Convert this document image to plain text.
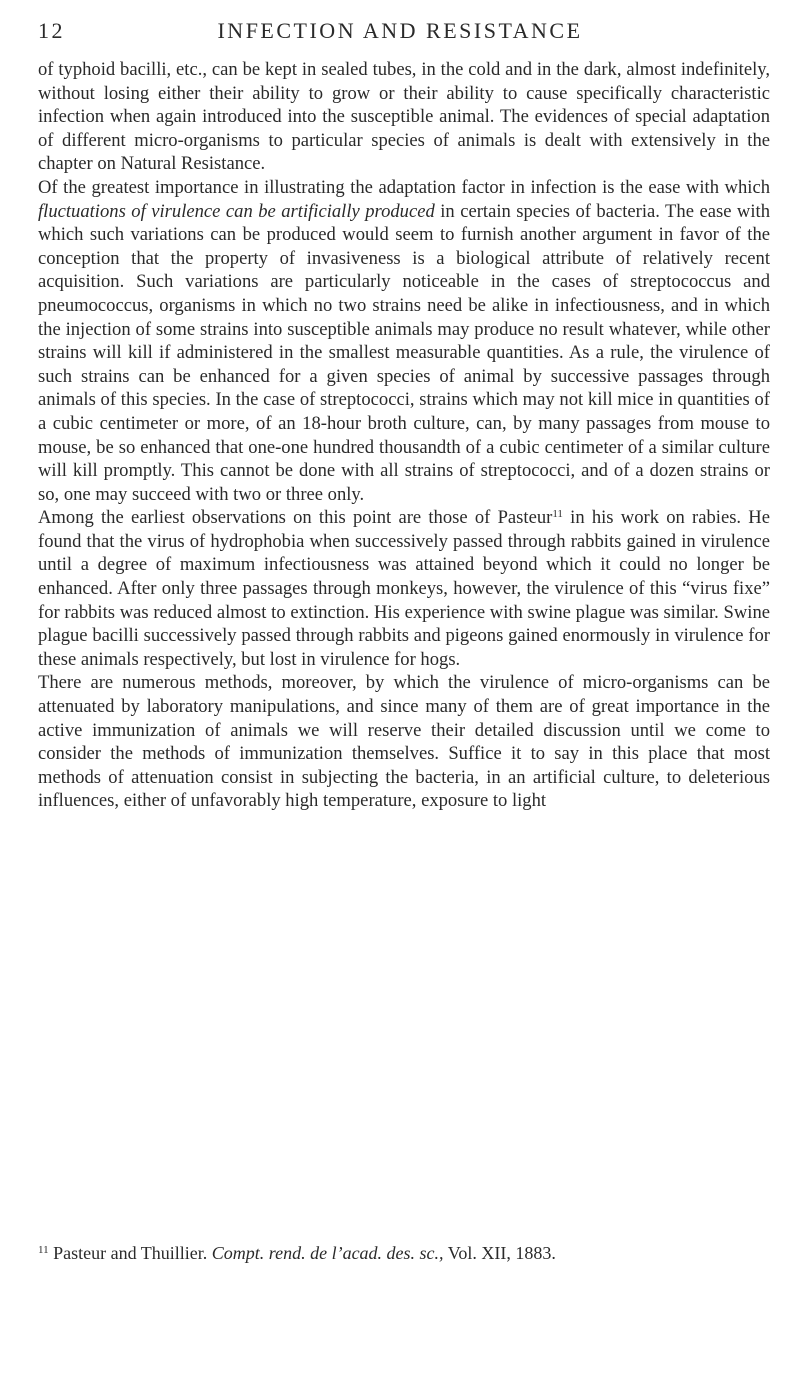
12	INFECTION AND RESISTANCE

of typhoid bacilli, etc., can be kept in sealed tubes, in the cold and in the dark, almost indefinitely, without losing either their ability to grow or their ability to cause specifically characteristic infection when again introduced into the susceptible animal. The evidences of special adaptation of different micro-organisms to particular species of animals is dealt with extensively in the chapter on Natural Resistance.

Of the greatest importance in illustrating the adaptation factor in infection is the ease with which fluctuations of virulence can be artificially produced in certain species of bacteria. The ease with which such variations can be produced would seem to furnish another argument in favor of the conception that the property of invasiveness is a biological attribute of relatively recent acquisition. Such variations are particularly noticeable in the cases of streptococcus and pneumococcus, organisms in which no two strains need be alike in infectiousness, and in which the injection of some strains into susceptible animals may produce no result whatever, while other strains will kill if administered in the smallest measurable quantities. As a rule, the virulence of such strains can be enhanced for a given species of animal by successive passages through animals of this species. In the case of streptococci, strains which may not kill mice in quantities of a cubic centimeter or more, of an 18-hour broth culture, can, by many passages from mouse to mouse, be so enhanced that one-one hundred thousandth of a cubic centimeter of a similar culture will kill promptly. This cannot be done with all strains of streptococci, and of a dozen strains or so, one may succeed with two or three only.

Among the earliest observations on this point are those of Pasteur$^{11}$ in his work on rabies. He found that the virus of hydrophobia when successively passed through rabbits gained in virulence until a degree of maximum infectiousness was attained beyond which it could no longer be enhanced. After only three passages through monkeys, however, the virulence of this “virus fixe” for rabbits was reduced almost to extinction. His experience with swine plague was similar. Swine plague bacilli successively passed through rabbits and pigeons gained enormously in virulence for these animals respectively, but lost in virulence for hogs.

There are numerous methods, moreover, by which the virulence of micro-organisms can be attenuated by laboratory manipulations, and since many of them are of great importance in the active immunization of animals we will reserve their detailed discussion until we come to consider the methods of immunization themselves. Suffice it to say in this place that most methods of attenuation consist in subjecting the bacteria, in an artificial culture, to deleterious influences, either of unfavorably high temperature, exposure to light

$^{11}$ Pasteur and Thuillier. Compt. rend. de l’acad. des. sc., Vol. XII, 1883.
